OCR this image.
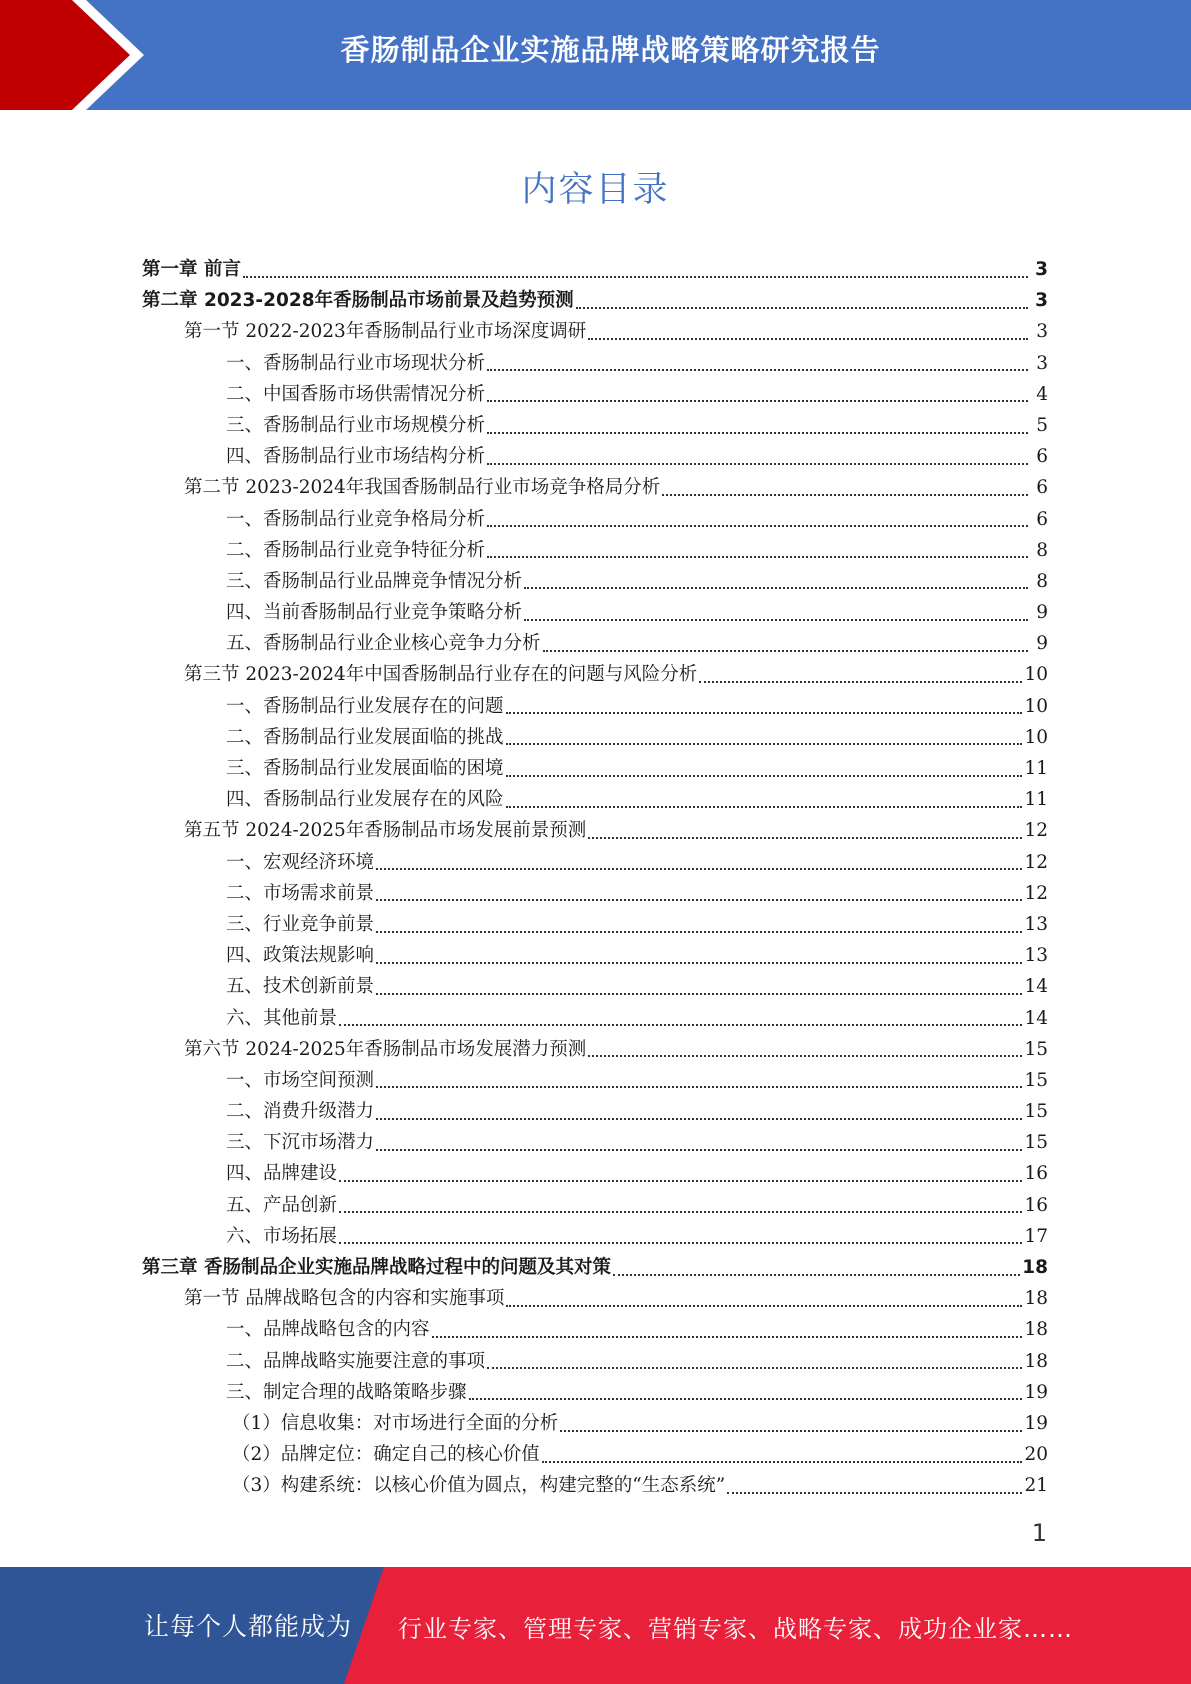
香肠制品企业实施品牌战略策略研究报告
内容目录
第一章 前言	3
第二章 2023-2028年香肠制品市场前景及趋势预测	3
第一节 2022-2023年香肠制品行业市场深度调研	3
一、香肠制品行业市场现状分析	3
二、中国香肠市场供需情况分析	4
三、香肠制品行业市场规模分析	5
四、香肠制品行业市场结构分析	6
第二节 2023-2024年我国香肠制品行业市场竞争格局分析	6
一、香肠制品行业竞争格局分析	6
二、香肠制品行业竞争特征分析	8
三、香肠制品行业品牌竞争情况分析	8
四、当前香肠制品行业竞争策略分析	9
五、香肠制品行业企业核心竞争力分析	9
第三节 2023-2024年中国香肠制品行业存在的问题与风险分析	10
一、香肠制品行业发展存在的问题	10
二、香肠制品行业发展面临的挑战	10
三、香肠制品行业发展面临的困境	11
四、香肠制品行业发展存在的风险	11
第五节 2024-2025年香肠制品市场发展前景预测	12
一、宏观经济环境	12
二、市场需求前景	12
三、行业竞争前景	13
四、政策法规影响	13
五、技术创新前景	14
六、其他前景	14
第六节 2024-2025年香肠制品市场发展潜力预测	15
一、市场空间预测	15
二、消费升级潜力	15
三、下沉市场潜力	15
四、品牌建设	16
五、产品创新	16
六、市场拓展	17
第三章 香肠制品企业实施品牌战略过程中的问题及其对策	18
第一节 品牌战略包含的内容和实施事项	18
一、品牌战略包含的内容	18
二、品牌战略实施要注意的事项	18
三、制定合理的战略策略步骤	19
（1）信息收集：对市场进行全面的分析	19
（2）品牌定位：确定自己的核心价值	20
（3）构建系统：以核心价值为圆点，构建完整的“生态系统”	21
1
让每个人都能成为 行业专家、管理专家、营销专家、战略专家、成功企业家……
